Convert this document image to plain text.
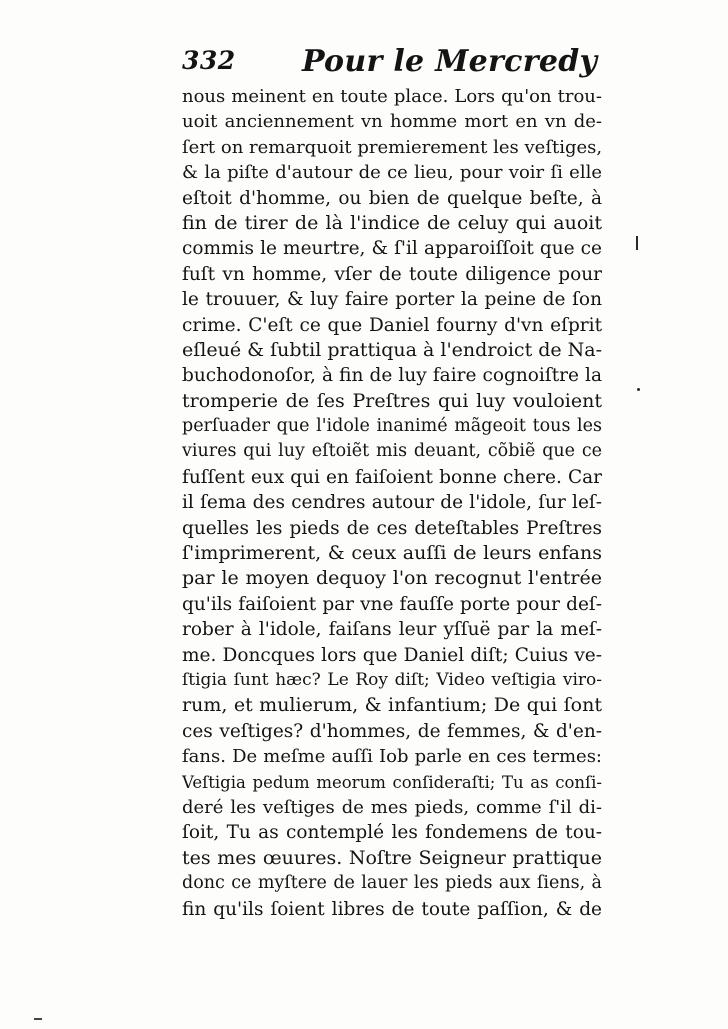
332 Pour le Mercredy
nous meinent en toute place. Lors qu'on trou-
uoit anciennement vn homme mort en vn de-
ſert on remarquoit premierement les veſtiges,
& la piſte d'autour de ce lieu, pour voir ſi elle
eſtoit d'homme, ou bien de quelque beſte, à
fin de tirer de là l'indice de celuy qui auoit
commis le meurtre, & ſ'il apparoiſſoit que ce
fuſt vn homme, vſer de toute diligence pour
le trouuer, & luy faire porter la peine de ſon
crime. C'eſt ce que Daniel fourny d'vn eſprit
eſleué & ſubtil prattiqua à l'endroict de Na-
buchodonoſor, à fin de luy faire cognoiſtre la
tromperie de ſes Preſtres qui luy vouloient
perſuader que l'idole inanimé mãgeoit tous les
viures qui luy eſtoiẽt mis deuant, cõbiẽ que ce
fuſſent eux qui en faiſoient bonne chere. Car
il ſema des cendres autour de l'idole, ſur leſ-
quelles les pieds de ces deteſtables Preſtres
ſ'imprimerent, & ceux auſſi de leurs enfans
par le moyen dequoy l'on recognut l'entrée
qu'ils faiſoient par vne fauſſe porte pour deſ-
rober à l'idole, faiſans leur yſſuë par la meſ-
me. Doncques lors que Daniel diſt; Cuius ve-
ſtigia ſunt hæc? Le Roy diſt; Video veſtigia viro-
rum, et mulierum, & infantium; De qui ſont
ces veſtiges? d'hommes, de femmes, & d'en-
fans. De meſme auſſi Iob parle en ces termes:
Veſtigia pedum meorum conſideraſti; Tu as conſi-
deré les veſtiges de mes pieds, comme ſ'il di-
ſoit, Tu as contemplé les fondemens de tou-
tes mes œuures. Noſtre Seigneur prattique
donc ce myſtere de lauer les pieds aux ſiens, à
fin qu'ils ſoient libres de toute paſſion, & de
